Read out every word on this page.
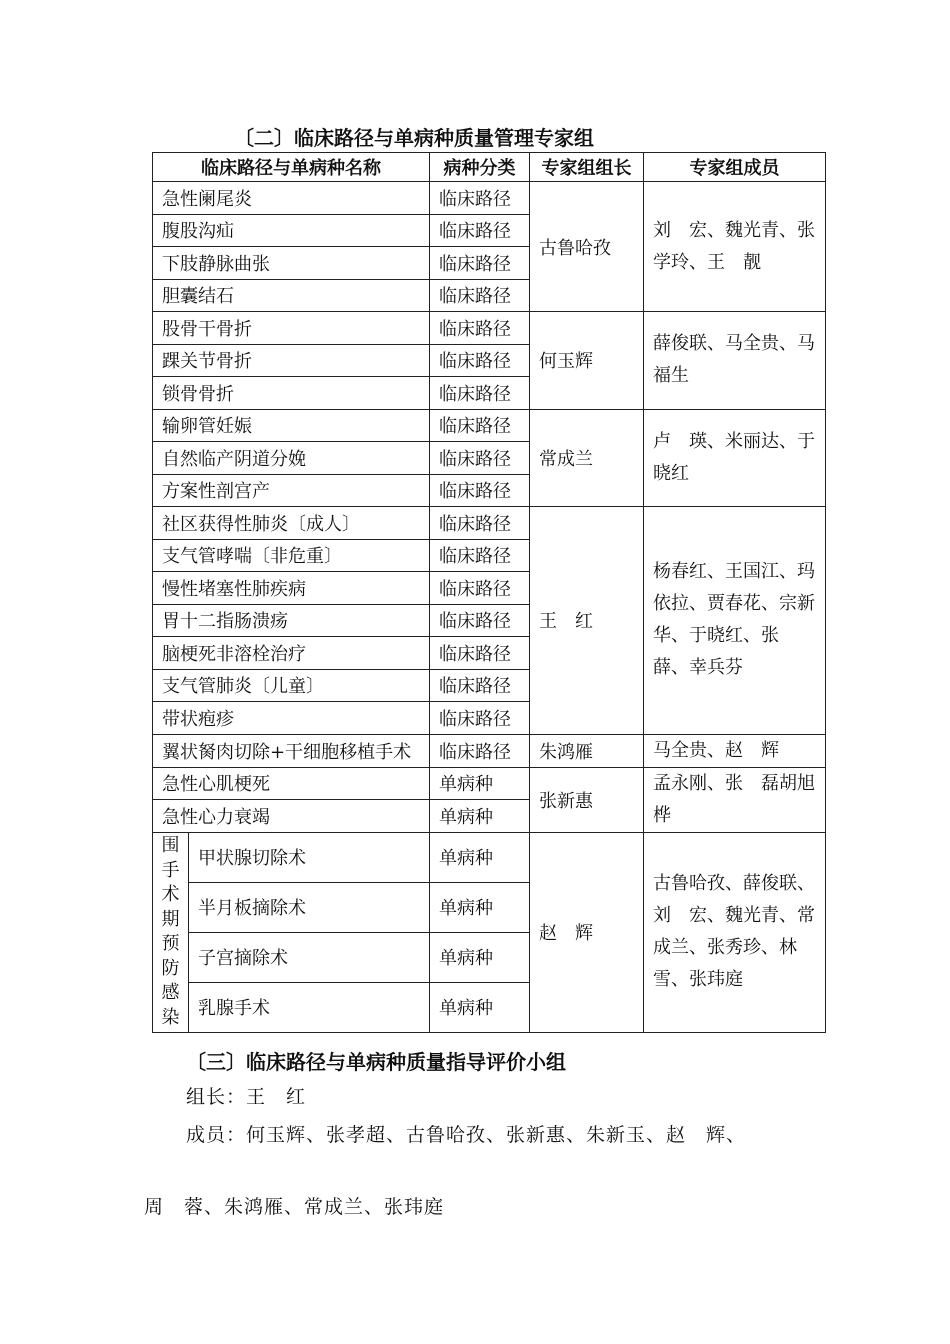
〔二〕临床路径与单病种质量管理专家组
临床路径与单病种名称		病种分类	专家组组长	专家组成员
急性阑尾炎		临床路径	古鲁哈孜	刘　宏、魏光青、张学玲、王　靓
腹股沟疝		临床路径		
下肢静脉曲张		临床路径		
胆囊结石		临床路径		
股骨干骨折		临床路径	何玉辉	薛俊联、马全贵、马福生
踝关节骨折		临床路径		
锁骨骨折		临床路径		
输卵管妊娠		临床路径	常成兰	卢　瑛、米丽达、于晓红
自然临产阴道分娩		临床路径		
方案性剖宫产		临床路径		
社区获得性肺炎〔成人〕		临床路径	王　红	杨春红、王国江、玛依拉、贾春花、宗新华、于晓红、张　薛、幸兵芬
支气管哮喘〔非危重〕		临床路径		
慢性堵塞性肺疾病		临床路径		
胃十二指肠溃疡		临床路径		
脑梗死非溶栓治疗		临床路径		
支气管肺炎〔儿童〕		临床路径		
带状疱疹		临床路径		
翼状胬肉切除+干细胞移植手术		临床路径	朱鸿雁	马全贵、赵　辉
急性心肌梗死		单病种	张新惠	孟永刚、张　磊胡旭桦
急性心力衰竭		单病种		
围手术期预防感染	甲状腺切除术	单病种	赵　辉	古鲁哈孜、薛俊联、刘　宏、魏光青、常成兰、张秀珍、林　雪、张玮庭
	半月板摘除术	单病种		
	子宫摘除术	单病种		
	乳腺手术	单病种		
〔三〕临床路径与单病种质量指导评价小组
组长：王　红
成员：何玉辉、张孝超、古鲁哈孜、张新惠、朱新玉、赵　辉、
周　蓉、朱鸿雁、常成兰、张玮庭
